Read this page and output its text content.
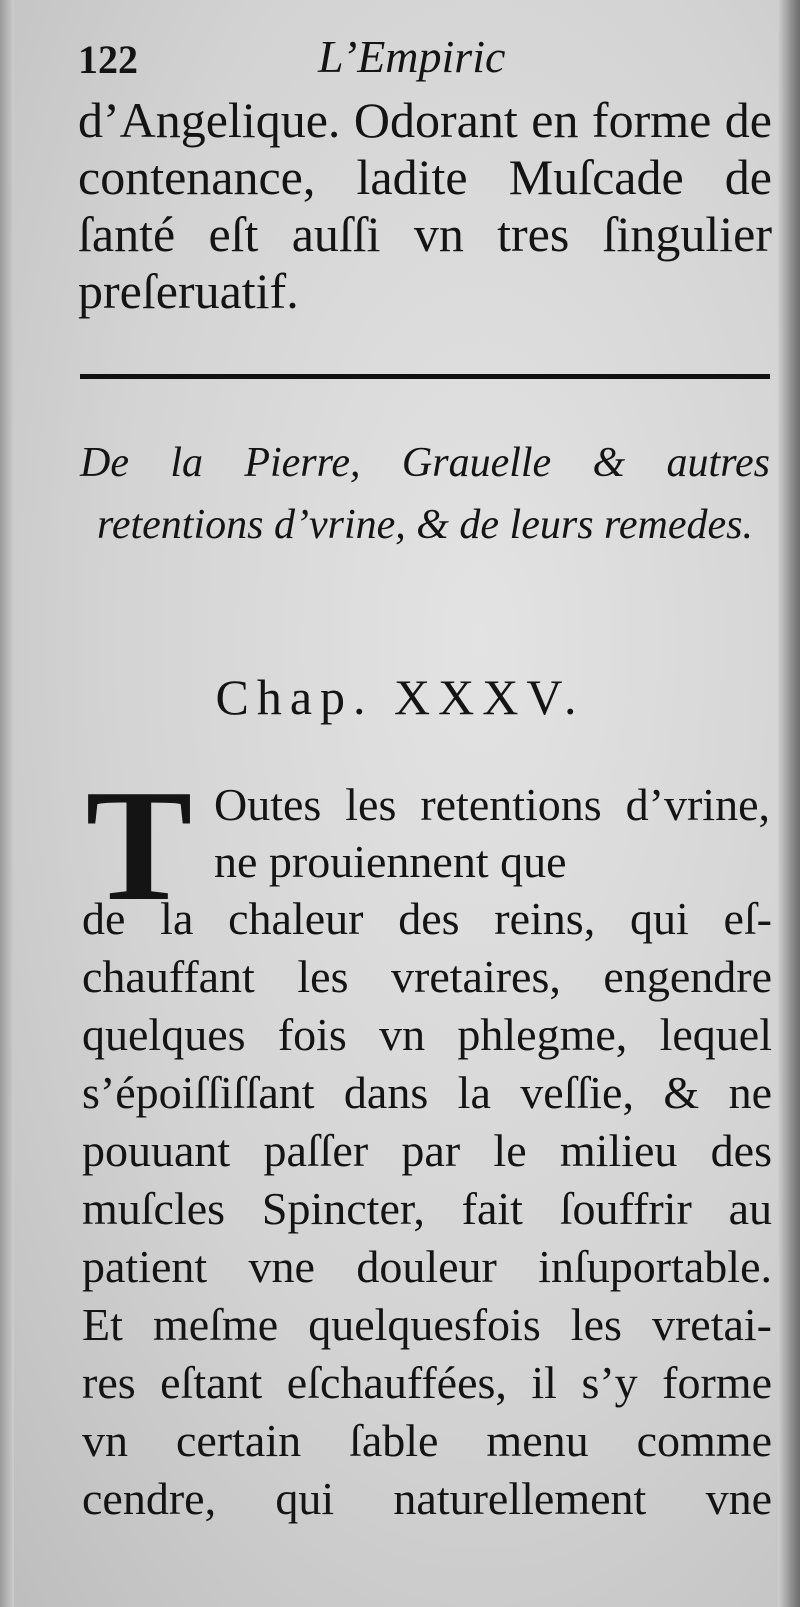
122	L’Empiric
d’Angelique. Odorant en forme de contenance, ladite Muſcade de ſanté eſt auſſi vn tres ſingulier preſeruatif.
De la Pierre, Grauelle & autres retentions d’vrine, & de leurs remedes.
Chap. XXXV.
T Outes les retentions d’vrine, ne prouiennent que
de la chaleur des reins, qui eſ-
chauffant les vretaires, engendre
quelques fois vn phlegme, lequel
s’époiſſiſſant dans la veſſie, & ne
pouuant paſſer par le milieu des
muſcles Spincter, fait ſouffrir au
patient vne douleur inſuportable.
Et meſme quelquesfois les vretai-
res eſtant eſchauffées, il s’y forme
vn certain ſable menu comme
cendre, qui naturellement vne
